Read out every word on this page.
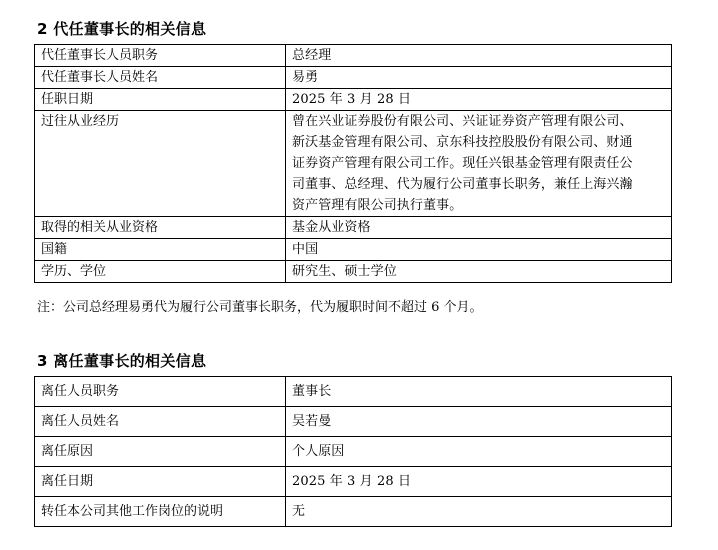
2 代任董事长的相关信息
代任董事长人员职务	总经理
代任董事长人员姓名	易勇
任职日期	2025 年 3 月 28 日
过往从业经历	曾在兴业证券股份有限公司、兴证证券资产管理有限公司、
新沃基金管理有限公司、京东科技控股股份有限公司、财通
证券资产管理有限公司工作。现任兴银基金管理有限责任公
司董事、总经理、代为履行公司董事长职务，兼任上海兴瀚
资产管理有限公司执行董事。

取得的相关从业资格	基金从业资格
国籍	中国
学历、学位	研究生、硕士学位
注：公司总经理易勇代为履行公司董事长职务，代为履职时间不超过 6 个月。
3 离任董事长的相关信息
离任人员职务	董事长
离任人员姓名	吴若曼
离任原因	个人原因
离任日期	2025 年 3 月 28 日
转任本公司其他工作岗位的说明	无
